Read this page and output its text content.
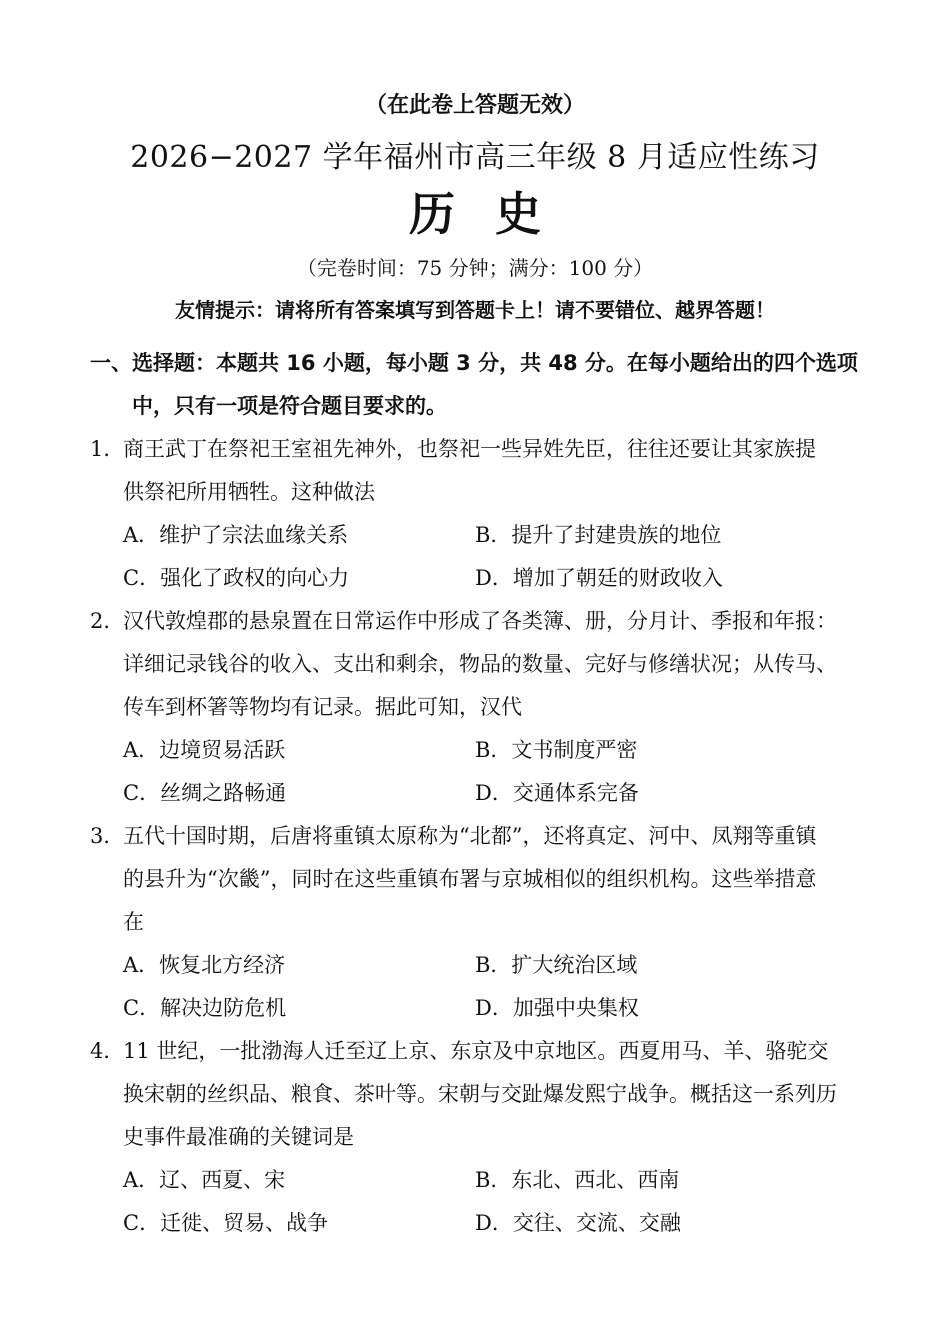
（在此卷上答题无效）
2026−2027 学年福州市高三年级 8 月适应性练习
历史
（完卷时间：75 分钟；满分：100 分）
友情提示：请将所有答案填写到答题卡上！请不要错位、越界答题！
一、选择题：本题共 16 小题，每小题 3 分，共 48 分。在每小题给出的四个选项
中，只有一项是符合题目要求的。
1．商王武丁在祭祀王室祖先神外，也祭祀一些异姓先臣，往往还要让其家族提
供祭祀所用牺牲。这种做法
A．维护了宗法血缘关系	B．提升了封建贵族的地位
C．强化了政权的向心力	D．增加了朝廷的财政收入
2．汉代敦煌郡的悬泉置在日常运作中形成了各类簿、册，分月计、季报和年报：
详细记录钱谷的收入、支出和剩余，物品的数量、完好与修缮状况；从传马、
传车到杯箸等物均有记录。据此可知，汉代
A．边境贸易活跃	B．文书制度严密
C．丝绸之路畅通	D．交通体系完备
3．五代十国时期，后唐将重镇太原称为“北都”，还将真定、河中、凤翔等重镇
的县升为“次畿”，同时在这些重镇布署与京城相似的组织机构。这些举措意
在
A．恢复北方经济	B．扩大统治区域
C．解决边防危机	D．加强中央集权
4．11 世纪，一批渤海人迁至辽上京、东京及中京地区。西夏用马、羊、骆驼交
换宋朝的丝织品、粮食、茶叶等。宋朝与交趾爆发熙宁战争。概括这一系列历
史事件最准确的关键词是
A．辽、西夏、宋	B．东北、西北、西南
C．迁徙、贸易、战争	D．交往、交流、交融
